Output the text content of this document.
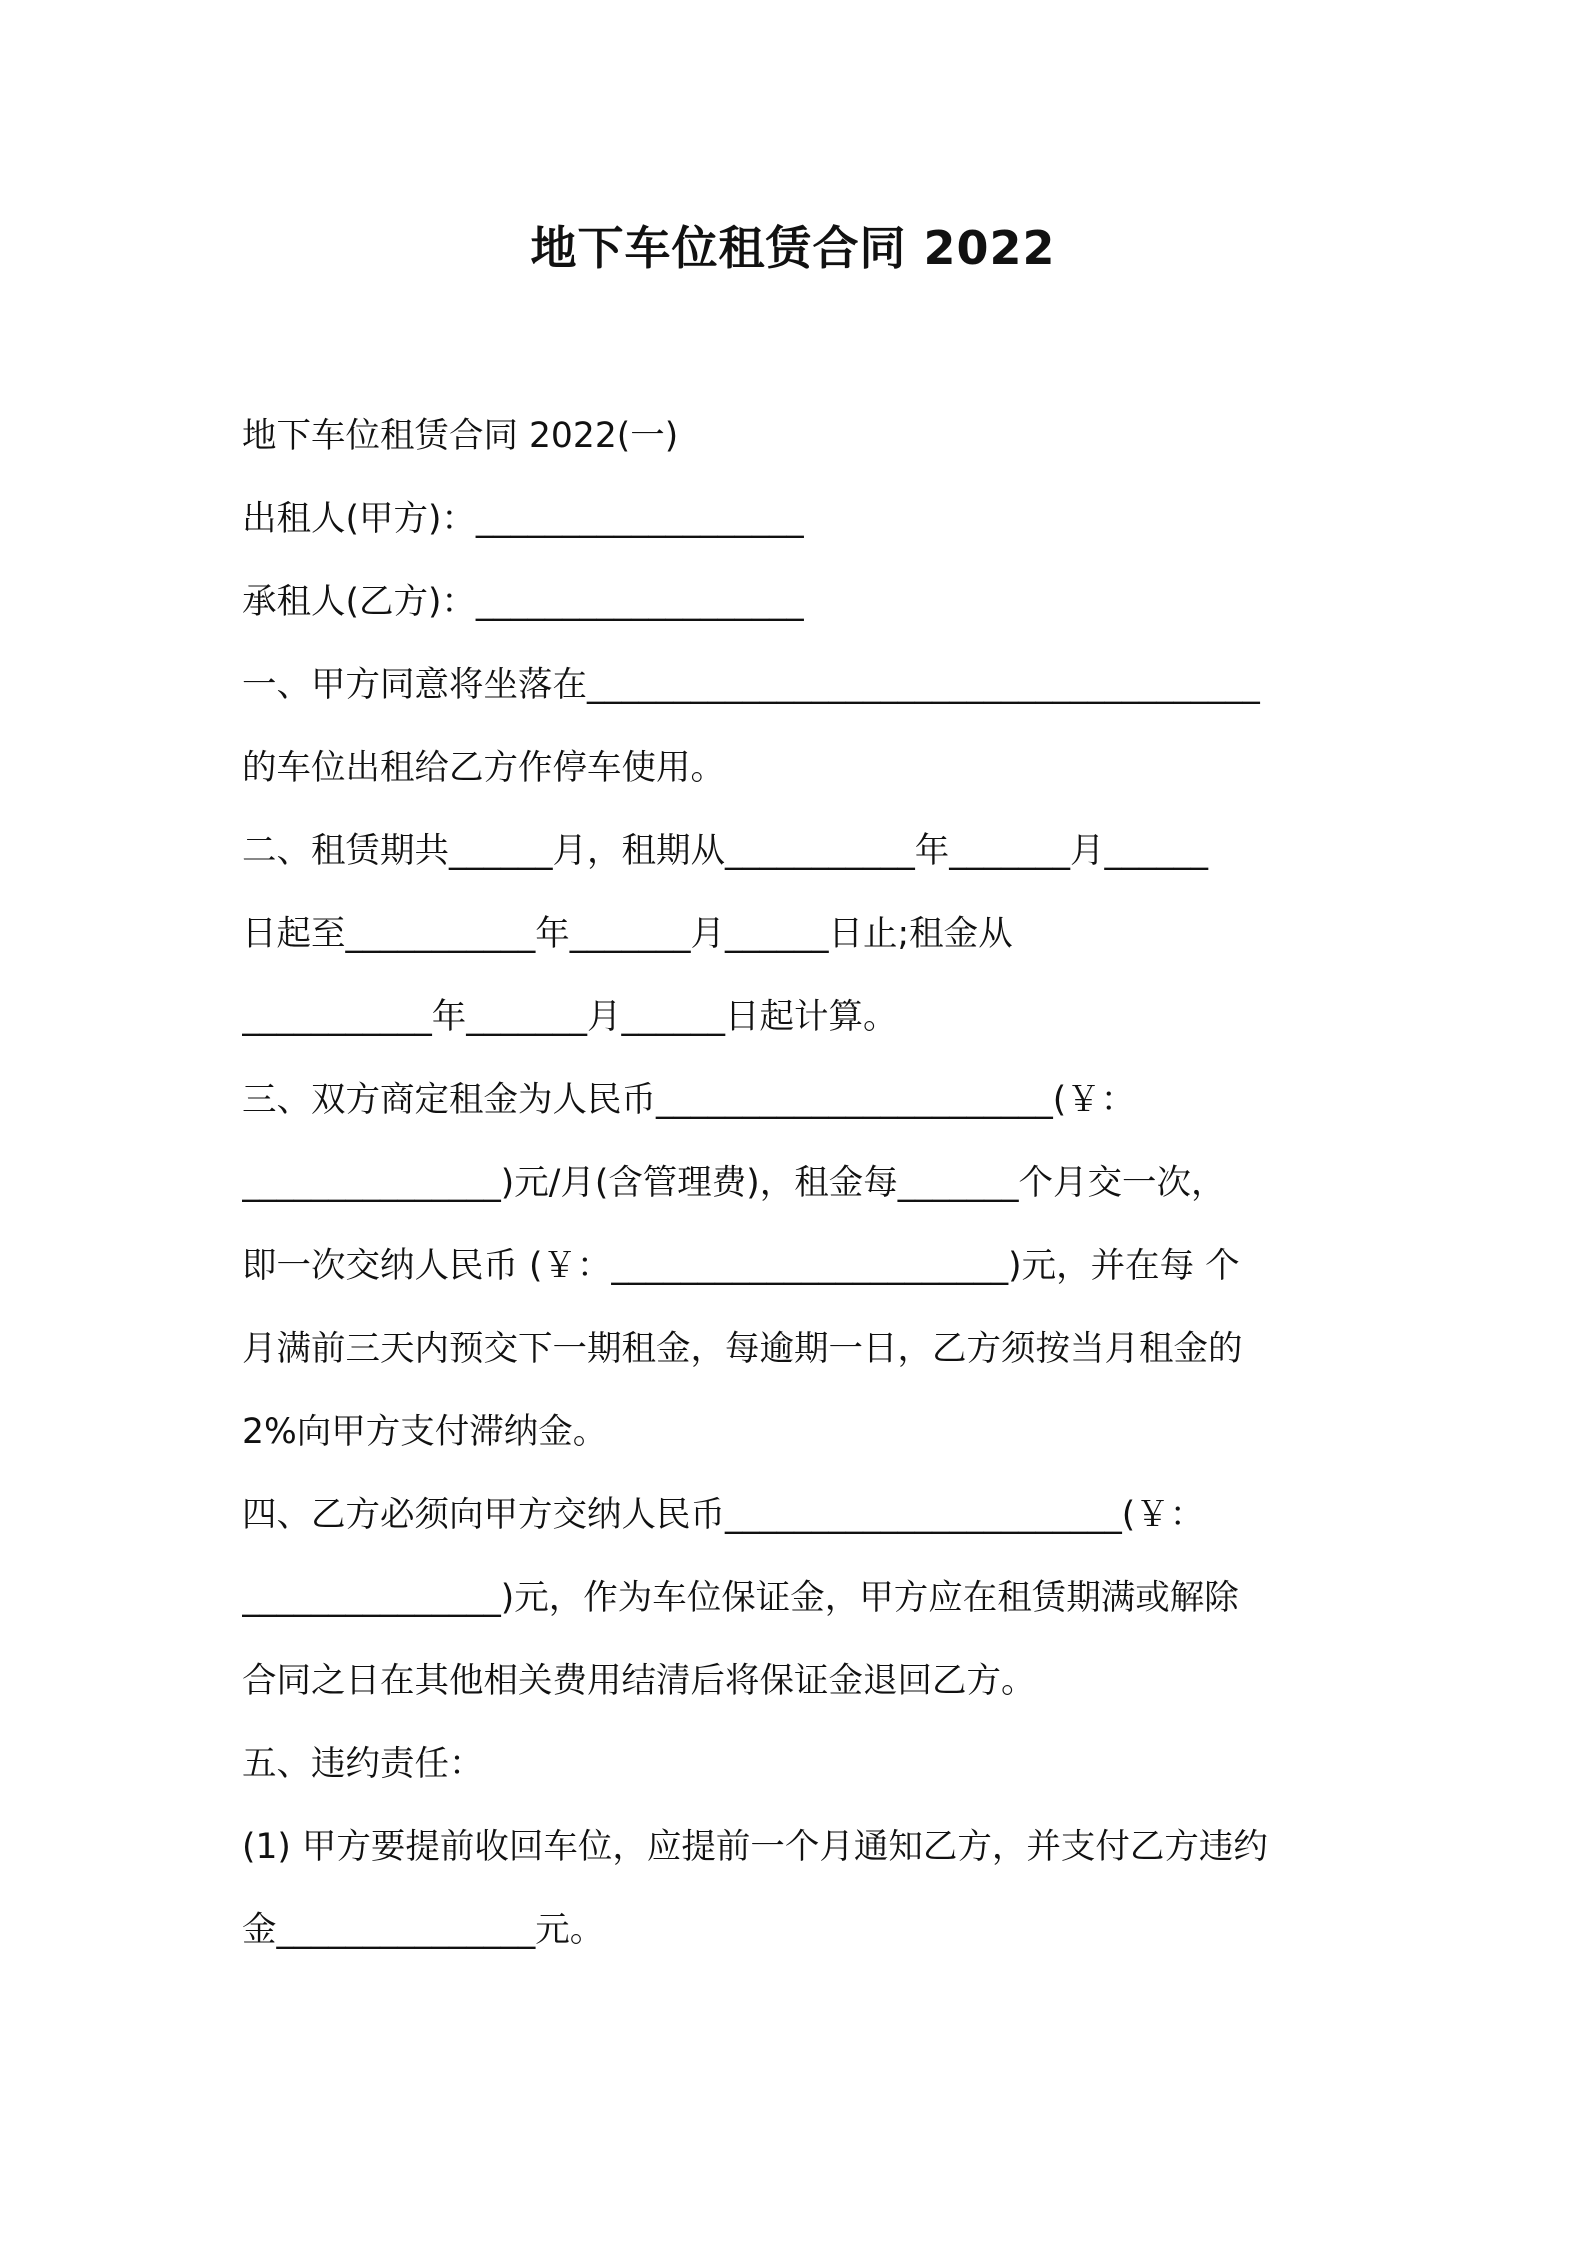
地下车位租赁合同 2022
地下车位租赁合同 2022(一)
出租人(甲方)：___________________
承租人(乙方)：___________________
一、甲方同意将坐落在_______________________________________
的车位出租给乙方作停车使用。
二、租赁期共______月，租期从___________年_______月______
日起至___________年_______月______日止;租金从
___________年_______月______日起计算。
三、双方商定租金为人民币_______________________(￥：
_______________)元/月(含管理费)，租金每_______个月交一次，
即一次交纳人民币 (￥：_______________________)元，并在每 个
月满前三天内预交下一期租金，每逾期一日，乙方须按当月租金的
2%向甲方支付滞纳金。
四、乙方必须向甲方交纳人民币_______________________(￥：
_______________)元，作为车位保证金，甲方应在租赁期满或解除
合同之日在其他相关费用结清后将保证金退回乙方。
五、违约责任：
(1) 甲方要提前收回车位，应提前一个月通知乙方，并支付乙方违约
金_______________元。
